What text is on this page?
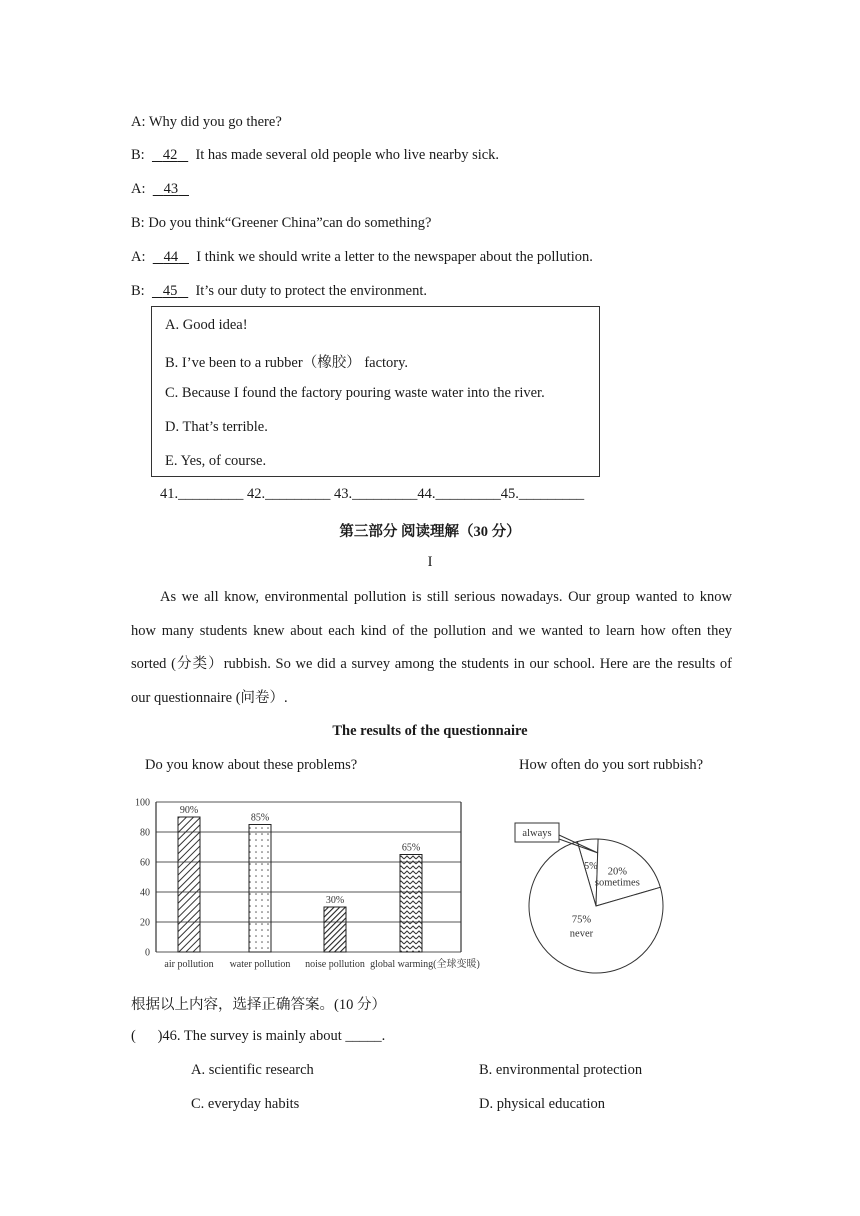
A: Why did you go there?
B: 42 It has made several old people who live nearby sick.
A: 43
B: Do you think“Greener China”can do something?
A: 44 I think we should write a letter to the newspaper about the pollution.
B: 45 It’s our duty to protect the environment.
A. Good idea!
B. I’ve been to a rubber（橡胶） factory.
C. Because I found the factory pouring waste water into the river.
D. That’s terrible.
E. Yes, of course.
41._________ 42._________ 43._________44._________45._________
第三部分 阅读理解（30 分）
I

As we all know, environmental pollution is still serious nowadays. Our group wanted to know how many students knew about each kind of the pollution and we wanted to learn how often they sorted (分类）rubbish. So we did a survey among the students in our school. Here are the results of our questionnaire (问卷）.

The results of the questionnaire
Do you know about these problems?	How often do you sort rubbish?
0
20
40
60
80
100
90%
air pollution
85%
water pollution
30%
noise pollution
65%
global warming(全球变暖)
5%
always
20%
sometimes
75%
never
根据以上内容，选择正确答案。(10 分）
(      )46. The survey is mainly about _____.
A. scientific research	B. environmental protection
C. everyday habits	D. physical education
